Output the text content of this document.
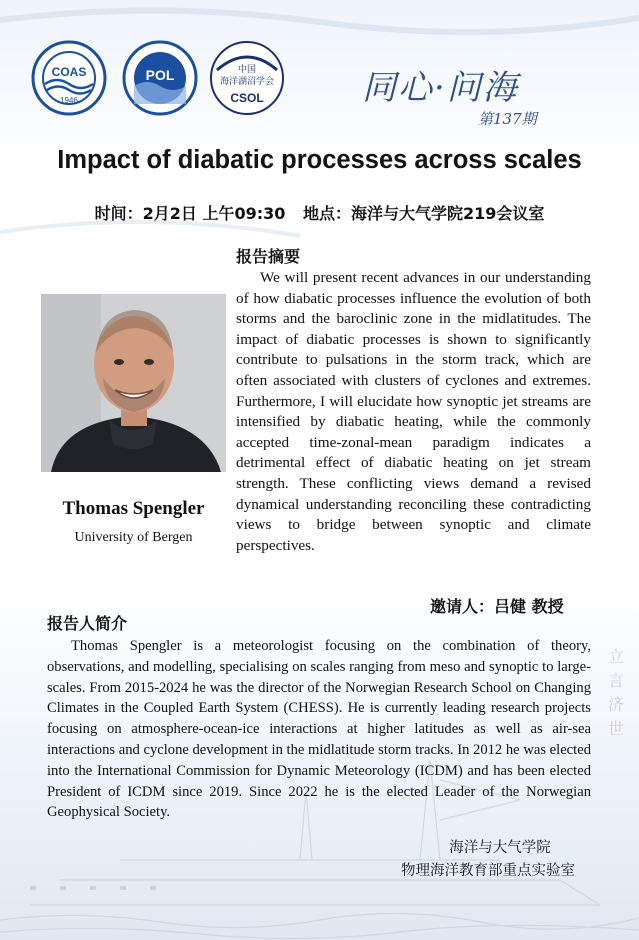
立
言
济
世
COAS
1946
POL	中国
海洋湖沼学会
CSOL	同心·问海
第137期
Impact of diabatic processes across scales
时间：2月2日 上午09:30 地点：海洋与大气学院219会议室
报告摘要

We will present recent advances in our understanding of how diabatic processes influence the evolution of both storms and the baroclinic zone in the midlatitudes. The impact of diabatic processes is shown to significantly contribute to pulsations in the storm track, which are often associated with clusters of cyclones and extremes. Furthermore, I will elucidate how synoptic jet streams are intensified by diabatic heating, while the commonly accepted time-zonal-mean paradigm indicates a detrimental effect of diabatic heating on jet stream strength. These conflicting views demand a revised dynamical understanding reconciling these contradicting views to bridge between synoptic and climate perspectives.

Thomas Spengler
University of Bergen
邀请人：吕健 教授
报告人简介

Thomas Spengler is a meteorologist focusing on the combination of theory, observations, and modelling, specialising on scales ranging from meso and synoptic to large-scales. From 2015-2024 he was the director of the Norwegian Research School on Changing Climates in the Coupled Earth System (CHESS). He is currently leading research projects focusing on atmosphere-ocean-ice interactions at higher latitudes as well as air-sea interactions and cyclone development in the midlatitude storm tracks. In 2012 he was elected into the International Commission for Dynamic Meteorology (ICDM) and has been elected President of ICDM since 2019. Since 2022 he is the elected Leader of the Norwegian Geophysical Society.

海洋与大气学院
物理海洋教育部重点实验室
